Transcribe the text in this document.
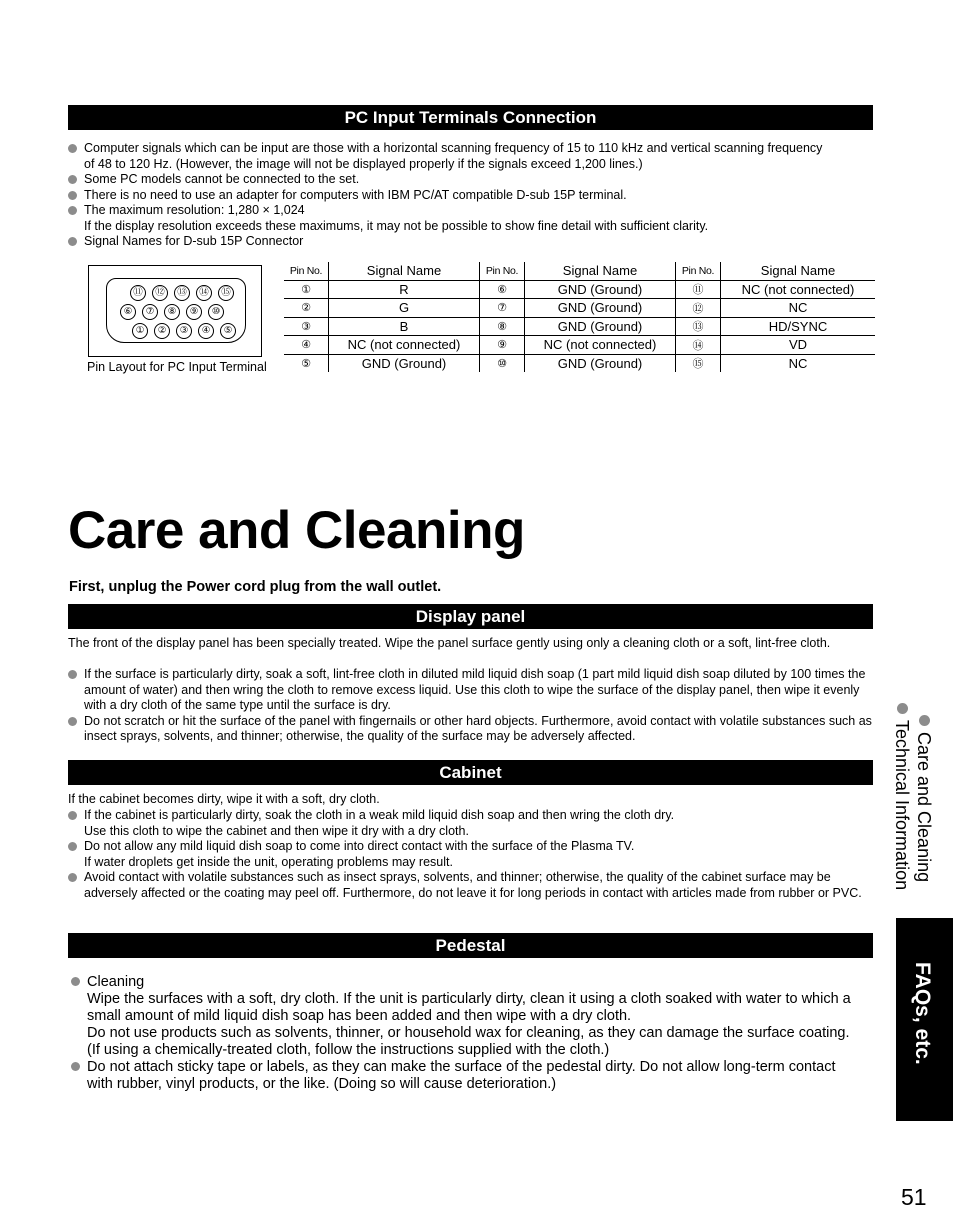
PC Input Terminals Connection
Computer signals which can be input are those with a horizontal scanning frequency of 15 to 110 kHz and vertical scanning frequency
of 48 to 120 Hz. (However, the image will not be displayed properly if the signals exceed 1,200 lines.)
Some PC models cannot be connected to the set.
There is no need to use an adapter for computers with IBM PC/AT compatible D-sub 15P terminal.
The maximum resolution: 1,280 × 1,024
If the display resolution exceeds these maximums, it may not be possible to show fine detail with sufficient clarity.
Signal Names for D-sub 15P Connector
⑪	⑫	⑬	⑭	⑮
⑥	⑦	⑧	⑨	⑩
①	②	③	④	⑤
Pin Layout for PC Input Terminal
Pin No.	Signal Name	Pin No.	Signal Name	Pin No.	Signal Name
①	R	⑥	GND (Ground)	⑪	NC (not connected)
②	G	⑦	GND (Ground)	⑫	NC
③	B	⑧	GND (Ground)	⑬	HD/SYNC
④	NC (not connected)	⑨	NC (not connected)	⑭	VD
⑤	GND (Ground)	⑩	GND (Ground)	⑮	NC
Care and Cleaning
First, unplug the Power cord plug from the wall outlet.
Display panel

The front of the display panel has been specially treated. Wipe the panel surface gently using only a cleaning cloth or a soft, lint-free cloth.

If the surface is particularly dirty, soak a soft, lint-free cloth in diluted mild liquid dish soap (1 part mild liquid dish soap diluted by 100 times the amount of water) and then wring the cloth to remove excess liquid. Use this cloth to wipe the surface of the display panel, then wipe it evenly with a dry cloth of the same type until the surface is dry.
Do not scratch or hit the surface of the panel with fingernails or other hard objects. Furthermore, avoid contact with volatile substances such as insect sprays, solvents, and thinner; otherwise, the quality of the surface may be adversely affected.
Cabinet

If the cabinet becomes dirty, wipe it with a soft, dry cloth.

If the cabinet is particularly dirty, soak the cloth in a weak mild liquid dish soap and then wring the cloth dry.
Use this cloth to wipe the cabinet and then wipe it dry with a dry cloth.
Do not allow any mild liquid dish soap to come into direct contact with the surface of the Plasma TV.
If water droplets get inside the unit, operating problems may result.
Avoid contact with volatile substances such as insect sprays, solvents, and thinner; otherwise, the quality of the cabinet surface may be adversely affected or the coating may peel off. Furthermore, do not leave it for long periods in contact with articles made from rubber or PVC.
Pedestal
Cleaning
Wipe the surfaces with a soft, dry cloth. If the unit is particularly dirty, clean it using a cloth soaked with water to which a small amount of mild liquid dish soap has been added and then wipe with a dry cloth.
Do not use products such as solvents, thinner, or household wax for cleaning, as they can damage the surface coating. (If using a chemically-treated cloth, follow the instructions supplied with the cloth.)
Do not attach sticky tape or labels, as they can make the surface of the pedestal dirty. Do not allow long-term contact with rubber, vinyl products, or the like. (Doing so will cause deterioration.)
Care and Cleaning
Technical Information
FAQs, etc.
51
